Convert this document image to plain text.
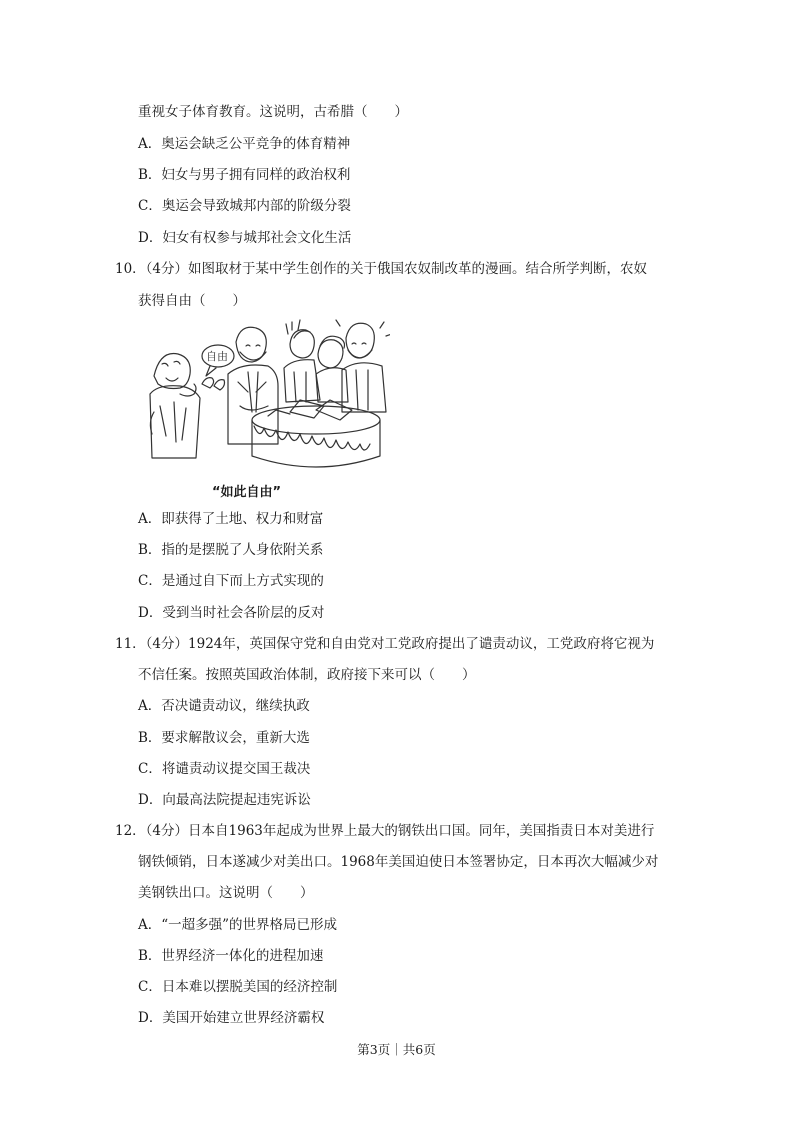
重视女子体育教育。这说明，古希腊（　　）
A．奥运会缺乏公平竞争的体育精神
B．妇女与男子拥有同样的政治权利
C．奥运会导致城邦内部的阶级分裂
D．妇女有权参与城邦社会文化生活
10．（4分）如图取材于某中学生创作的关于俄国农奴制改革的漫画。结合所学判断，农奴
获得自由（　　）
自由
“如此自由”
A．即获得了土地、权力和财富
B．指的是摆脱了人身依附关系
C．是通过自下而上方式实现的
D．受到当时社会各阶层的反对
11．（4分）1924年，英国保守党和自由党对工党政府提出了谴责动议，工党政府将它视为
不信任案。按照英国政治体制，政府接下来可以（　　）
A．否决谴责动议，继续执政
B．要求解散议会，重新大选
C．将谴责动议提交国王裁决
D．向最高法院提起违宪诉讼
12．（4分）日本自1963年起成为世界上最大的钢铁出口国。同年，美国指责日本对美进行
钢铁倾销，日本遂减少对美出口。1968年美国迫使日本签署协定，日本再次大幅减少对
美钢铁出口。这说明（　　）
A．“一超多强”的世界格局已形成
B．世界经济一体化的进程加速
C．日本难以摆脱美国的经济控制
D．美国开始建立世界经济霸权
第3页｜共6页
